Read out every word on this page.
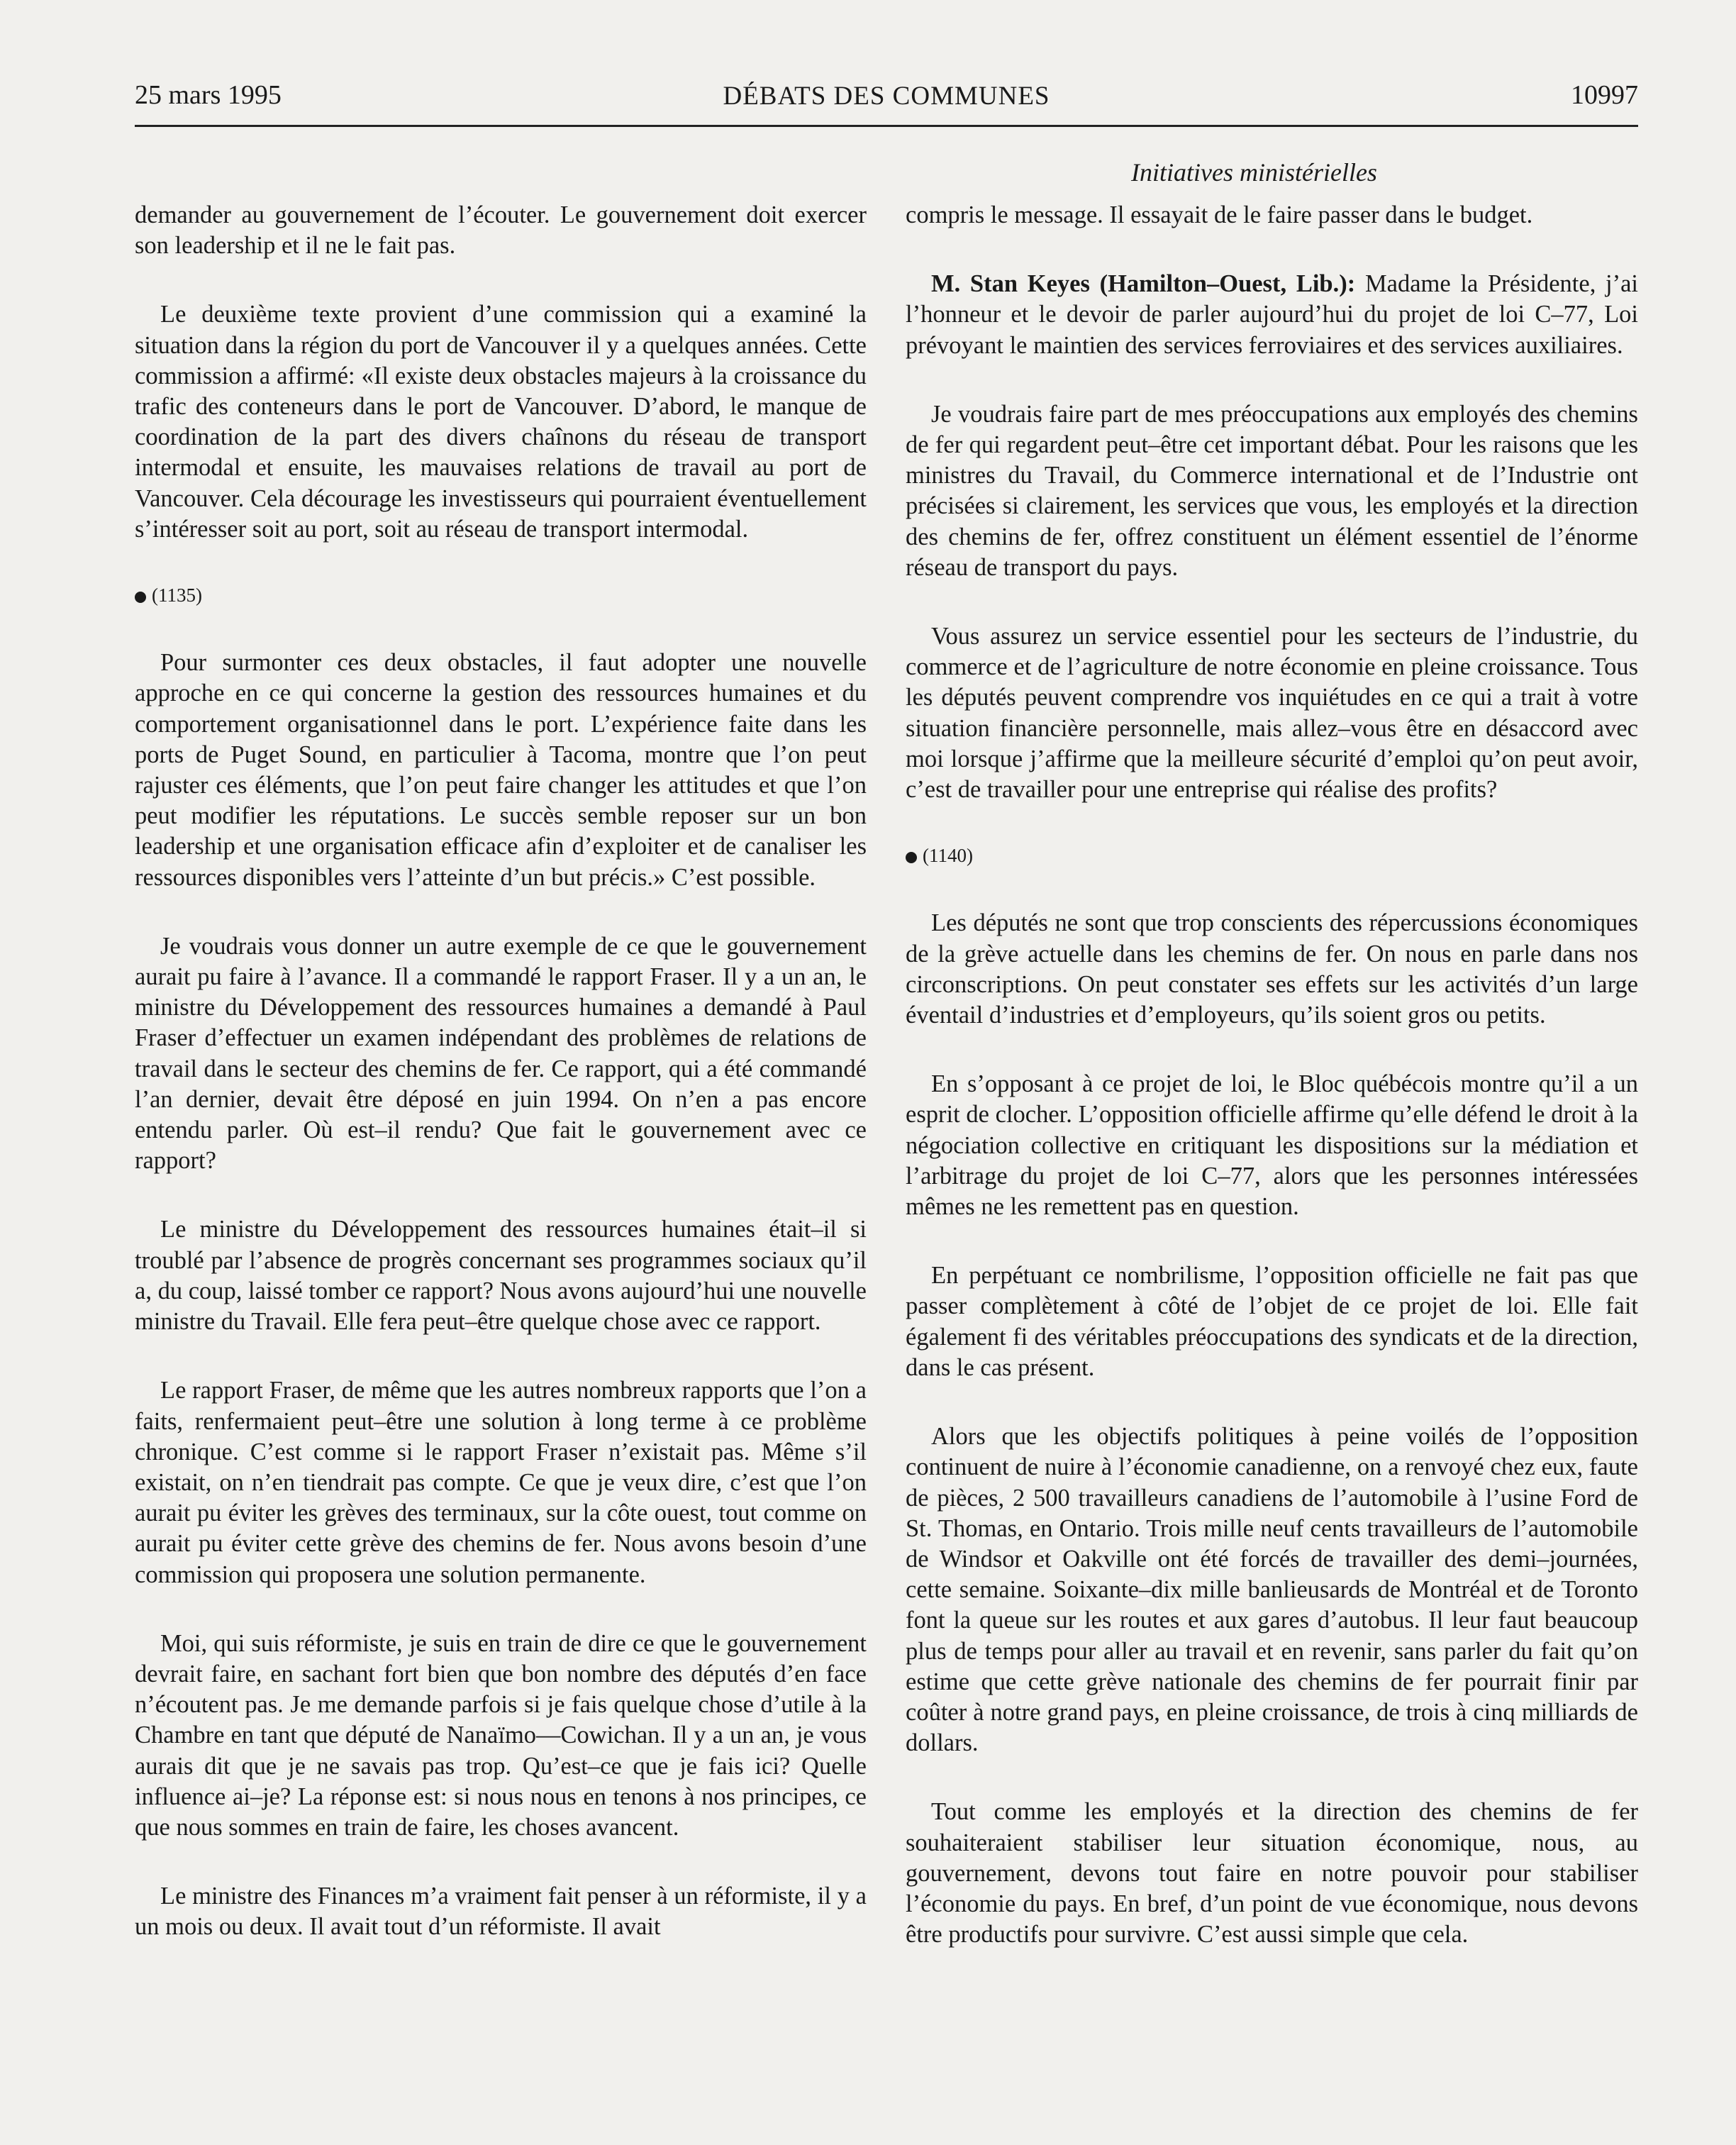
25 mars 1995	DÉBATS DES COMMUNES	10997
Initiatives ministérielles

demander au gouvernement de l’écouter. Le gouvernement doit exercer son leadership et il ne le fait pas.

Le deuxième texte provient d’une commission qui a examiné la situation dans la région du port de Vancouver il y a quelques années. Cette commission a affirmé: «Il existe deux obstacles majeurs à la croissance du trafic des conteneurs dans le port de Vancouver. D’abord, le manque de coordination de la part des divers chaînons du réseau de transport intermodal et ensuite, les mauvaises relations de travail au port de Vancouver. Cela décourage les investisseurs qui pourraient éventuellement s’intéresser soit au port, soit au réseau de transport intermodal.

(1135)

Pour surmonter ces deux obstacles, il faut adopter une nouvelle approche en ce qui concerne la gestion des ressources humaines et du comportement organisationnel dans le port. L’expérience faite dans les ports de Puget Sound, en particulier à Tacoma, montre que l’on peut rajuster ces éléments, que l’on peut faire changer les attitudes et que l’on peut modifier les réputations. Le succès semble reposer sur un bon leadership et une organisation efficace afin d’exploiter et de canaliser les ressources disponibles vers l’atteinte d’un but précis.» C’est possible.

Je voudrais vous donner un autre exemple de ce que le gouvernement aurait pu faire à l’avance. Il a commandé le rapport Fraser. Il y a un an, le ministre du Développement des ressources humaines a demandé à Paul Fraser d’effectuer un examen indépendant des problèmes de relations de travail dans le secteur des chemins de fer. Ce rapport, qui a été commandé l’an dernier, devait être déposé en juin 1994. On n’en a pas encore entendu parler. Où est–il rendu? Que fait le gouvernement avec ce rapport?

Le ministre du Développement des ressources humaines était–il si troublé par l’absence de progrès concernant ses programmes sociaux qu’il a, du coup, laissé tomber ce rapport? Nous avons aujourd’hui une nouvelle ministre du Travail. Elle fera peut–être quelque chose avec ce rapport.

Le rapport Fraser, de même que les autres nombreux rapports que l’on a faits, renfermaient peut–être une solution à long terme à ce problème chronique. C’est comme si le rapport Fraser n’existait pas. Même s’il existait, on n’en tiendrait pas compte. Ce que je veux dire, c’est que l’on aurait pu éviter les grèves des terminaux, sur la côte ouest, tout comme on aurait pu éviter cette grève des chemins de fer. Nous avons besoin d’une commission qui proposera une solution permanente.

Moi, qui suis réformiste, je suis en train de dire ce que le gouvernement devrait faire, en sachant fort bien que bon nombre des députés d’en face n’écoutent pas. Je me demande parfois si je fais quelque chose d’utile à la Chambre en tant que député de Nanaïmo—Cowichan. Il y a un an, je vous aurais dit que je ne savais pas trop. Qu’est–ce que je fais ici? Quelle influence ai–je? La réponse est: si nous nous en tenons à nos principes, ce que nous sommes en train de faire, les choses avancent.

Le ministre des Finances m’a vraiment fait penser à un réformiste, il y a un mois ou deux. Il avait tout d’un réformiste. Il avait

compris le message. Il essayait de le faire passer dans le budget.

M. Stan Keyes (Hamilton–Ouest, Lib.): Madame la Présidente, j’ai l’honneur et le devoir de parler aujourd’hui du projet de loi C–77, Loi prévoyant le maintien des services ferroviaires et des services auxiliaires.

Je voudrais faire part de mes préoccupations aux employés des chemins de fer qui regardent peut–être cet important débat. Pour les raisons que les ministres du Travail, du Commerce international et de l’Industrie ont précisées si clairement, les services que vous, les employés et la direction des chemins de fer, offrez constituent un élément essentiel de l’énorme réseau de transport du pays.

Vous assurez un service essentiel pour les secteurs de l’industrie, du commerce et de l’agriculture de notre économie en pleine croissance. Tous les députés peuvent comprendre vos inquiétudes en ce qui a trait à votre situation financière personnelle, mais allez–vous être en désaccord avec moi lorsque j’affirme que la meilleure sécurité d’emploi qu’on peut avoir, c’est de travailler pour une entreprise qui réalise des profits?

(1140)

Les députés ne sont que trop conscients des répercussions économiques de la grève actuelle dans les chemins de fer. On nous en parle dans nos circonscriptions. On peut constater ses effets sur les activités d’un large éventail d’industries et d’employeurs, qu’ils soient gros ou petits.

En s’opposant à ce projet de loi, le Bloc québécois montre qu’il a un esprit de clocher. L’opposition officielle affirme qu’elle défend le droit à la négociation collective en critiquant les dispositions sur la médiation et l’arbitrage du projet de loi C–77, alors que les personnes intéressées mêmes ne les remettent pas en question.

En perpétuant ce nombrilisme, l’opposition officielle ne fait pas que passer complètement à côté de l’objet de ce projet de loi. Elle fait également fi des véritables préoccupations des syndicats et de la direction, dans le cas présent.

Alors que les objectifs politiques à peine voilés de l’opposition continuent de nuire à l’économie canadienne, on a renvoyé chez eux, faute de pièces, 2 500 travailleurs canadiens de l’automobile à l’usine Ford de St. Thomas, en Ontario. Trois mille neuf cents travailleurs de l’automobile de Windsor et Oakville ont été forcés de travailler des demi–journées, cette semaine. Soixante–dix mille banlieusards de Montréal et de Toronto font la queue sur les routes et aux gares d’autobus. Il leur faut beaucoup plus de temps pour aller au travail et en revenir, sans parler du fait qu’on estime que cette grève nationale des chemins de fer pourrait finir par coûter à notre grand pays, en pleine croissance, de trois à cinq milliards de dollars.

Tout comme les employés et la direction des chemins de fer souhaiteraient stabiliser leur situation économique, nous, au gouvernement, devons tout faire en notre pouvoir pour stabiliser l’économie du pays. En bref, d’un point de vue économique, nous devons être productifs pour survivre. C’est aussi simple que cela.
